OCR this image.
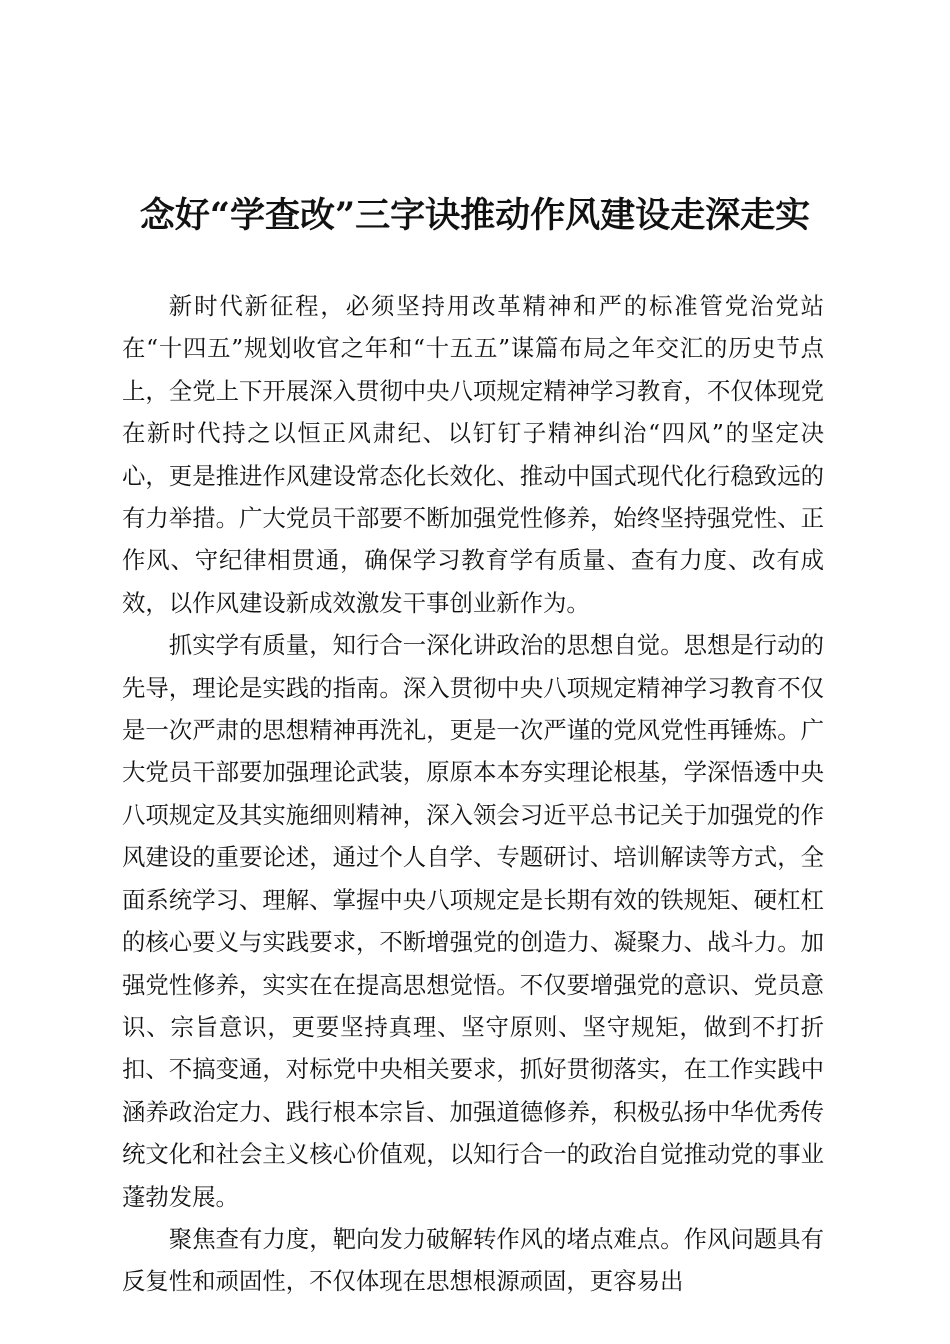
念好“学查改”三字诀推动作风建设走深走实

新时代新征程，必须坚持用改革精神和严的标准管党治党站在“十四五”规划收官之年和“十五五”谋篇布局之年交汇的历史节点上，全党上下开展深入贯彻中央八项规定精神学习教育，不仅体现党在新时代持之以恒正风肃纪、以钉钉子精神纠治“四风”的坚定决心，更是推进作风建设常态化长效化、推动中国式现代化行稳致远的有力举措。广大党员干部要不断加强党性修养，始终坚持强党性、正作风、守纪律相贯通，确保学习教育学有质量、查有力度、改有成效，以作风建设新成效激发干事创业新作为。

抓实学有质量，知行合一深化讲政治的思想自觉。思想是行动的先导，理论是实践的指南。深入贯彻中央八项规定精神学习教育不仅是一次严肃的思想精神再洗礼，更是一次严谨的党风党性再锤炼。广大党员干部要加强理论武装，原原本本夯实理论根基，学深悟透中央八项规定及其实施细则精神，深入领会习近平总书记关于加强党的作风建设的重要论述，通过个人自学、专题研讨、培训解读等方式，全面系统学习、理解、掌握中央八项规定是长期有效的铁规矩、硬杠杠的核心要义与实践要求，不断增强党的创造力、凝聚力、战斗力。加强党性修养，实实在在提高思想觉悟。不仅要增强党的意识、党员意识、宗旨意识，更要坚持真理、坚守原则、坚守规矩，做到不打折扣、不搞变通，对标党中央相关要求，抓好贯彻落实，在工作实践中涵养政治定力、践行根本宗旨、加强道德修养，积极弘扬中华优秀传统文化和社会主义核心价值观，以知行合一的政治自觉推动党的事业蓬勃发展。

聚焦查有力度，靶向发力破解转作风的堵点难点。作风问题具有反复性和顽固性，不仅体现在思想根源顽固，更容易出
